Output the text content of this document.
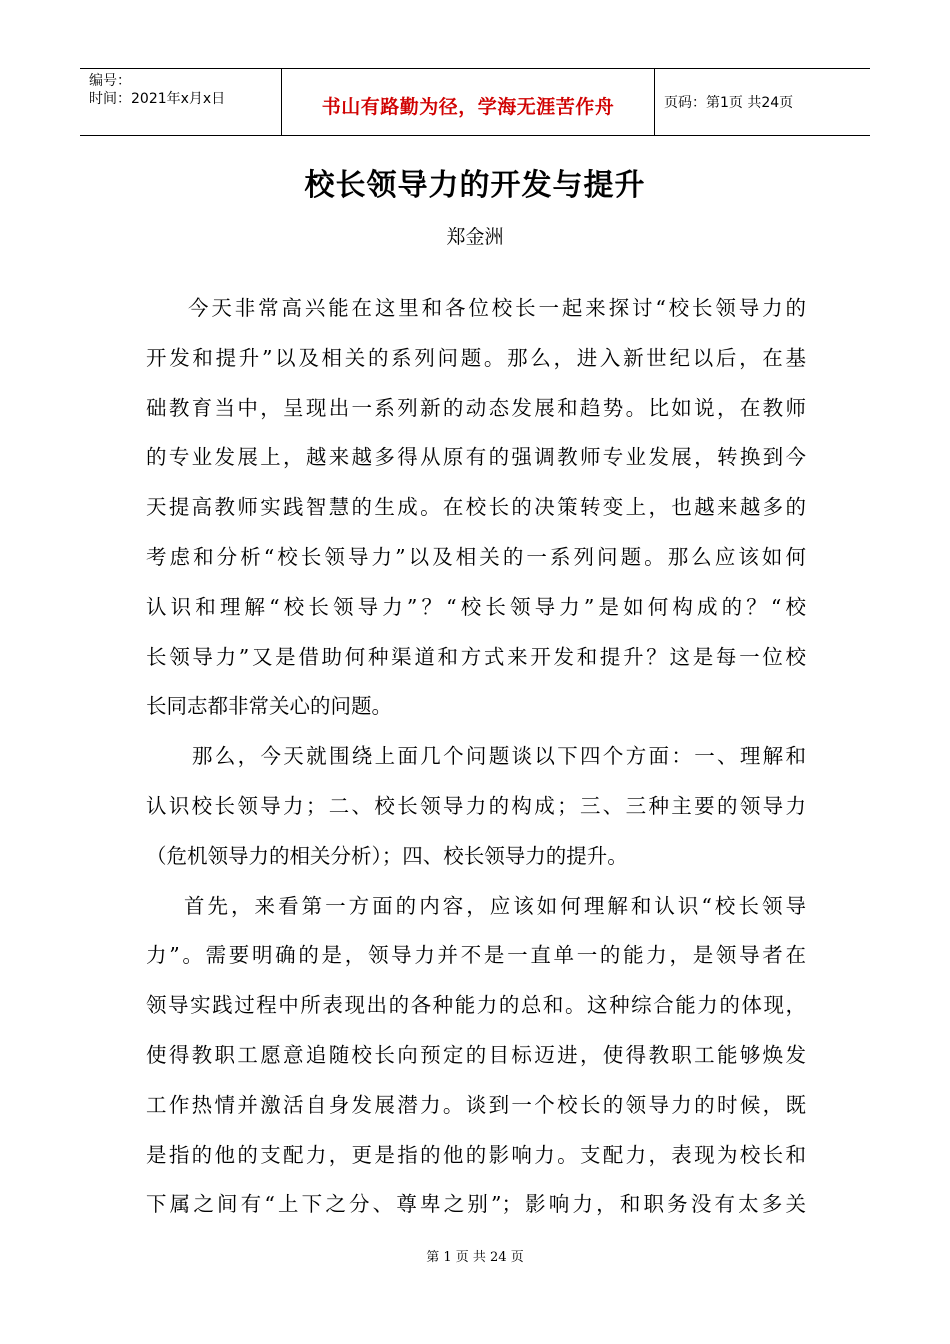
编号：
时间：2021年x月x日	书山有路勤为径，学海无涯苦作舟	页码：第1页 共24页
校长领导力的开发与提升
郑金洲
今天非常高兴能在这里和各位校长一起来探讨“校长领导力的
开发和提升”以及相关的系列问题。那么，进入新世纪以后，在基
础教育当中，呈现出一系列新的动态发展和趋势。比如说，在教师
的专业发展上，越来越多得从原有的强调教师专业发展，转换到今
天提高教师实践智慧的生成。在校长的决策转变上，也越来越多的
考虑和分析“校长领导力”以及相关的一系列问题。那么应该如何
认识和理解“校长领导力”？“校长领导力”是如何构成的？“校
长领导力”又是借助何种渠道和方式来开发和提升？这是每一位校
长同志都非常关心的问题。
那么，今天就围绕上面几个问题谈以下四个方面：一、理解和
认识校长领导力；二、校长领导力的构成；三、三种主要的领导力
（危机领导力的相关分析）；四、校长领导力的提升。
首先，来看第一方面的内容，应该如何理解和认识“校长领导
力”。需要明确的是，领导力并不是一直单一的能力，是领导者在
领导实践过程中所表现出的各种能力的总和。这种综合能力的体现，
使得教职工愿意追随校长向预定的目标迈进，使得教职工能够焕发
工作热情并激活自身发展潜力。谈到一个校长的领导力的时候，既
是指的他的支配力，更是指的他的影响力。支配力，表现为校长和
下属之间有“上下之分、尊卑之别”；影响力，和职务没有太多关
第 1 页 共 24 页
